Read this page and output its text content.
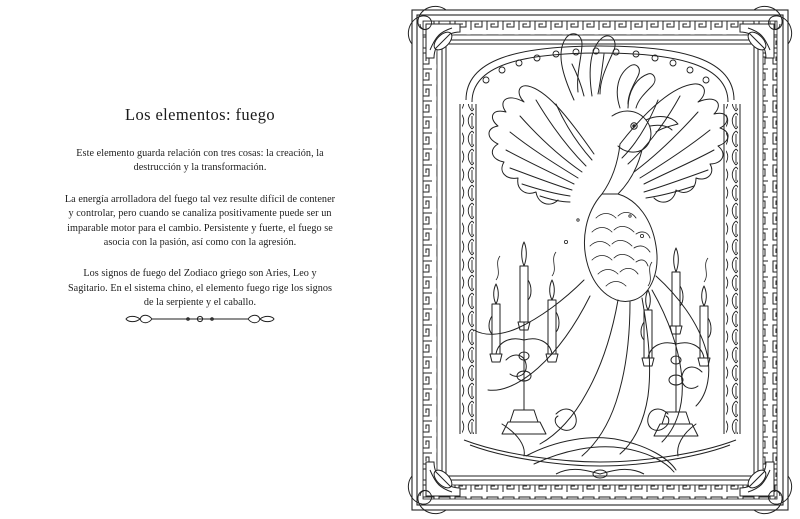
Los elementos: fuego

Este elemento guarda relación con tres cosas: la creación, la destrucción y la transformación.

La energía arrolladora del fuego tal vez resulte difícil de contener y controlar, pero cuando se canaliza positivamente puede ser un imparable motor para el cambio. Persistente y fuerte, el fuego se asocia con la pasión, así como con la agresión.

Los signos de fuego del Zodiaco griego son Aries, Leo y Sagitario. En el sistema chino, el elemento fuego rige los signos de la serpiente y el caballo.
